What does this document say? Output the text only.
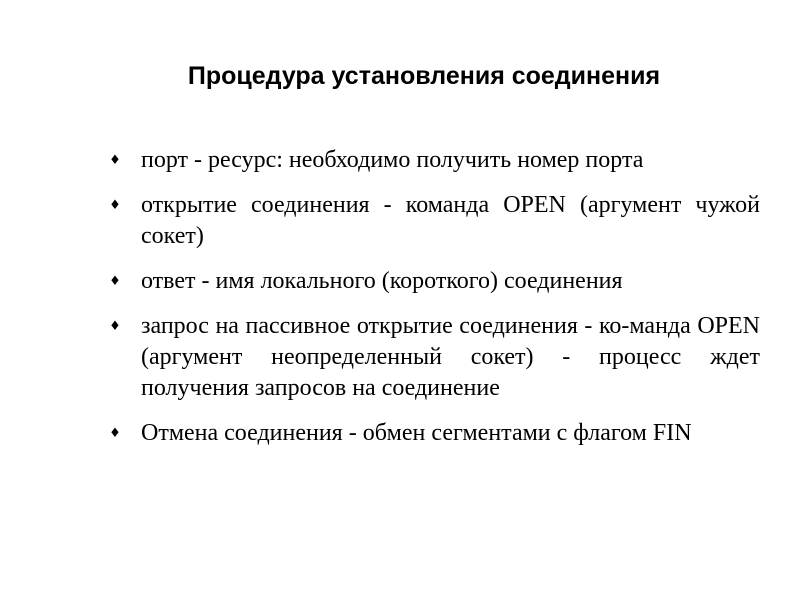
Процедура установления соединения
♦ порт - ресурс: необходимо получить номер порта
♦ открытие соединения - команда OPEN (аргумент чужой сокет)
♦ ответ - имя локального (короткого) соединения
♦ запрос на пассивное открытие соединения - ко-манда OPEN (аргумент неопределенный сокет) - процесс ждет получения запросов на соединение
♦ Отмена соединения - обмен сегментами с флагом FIN
